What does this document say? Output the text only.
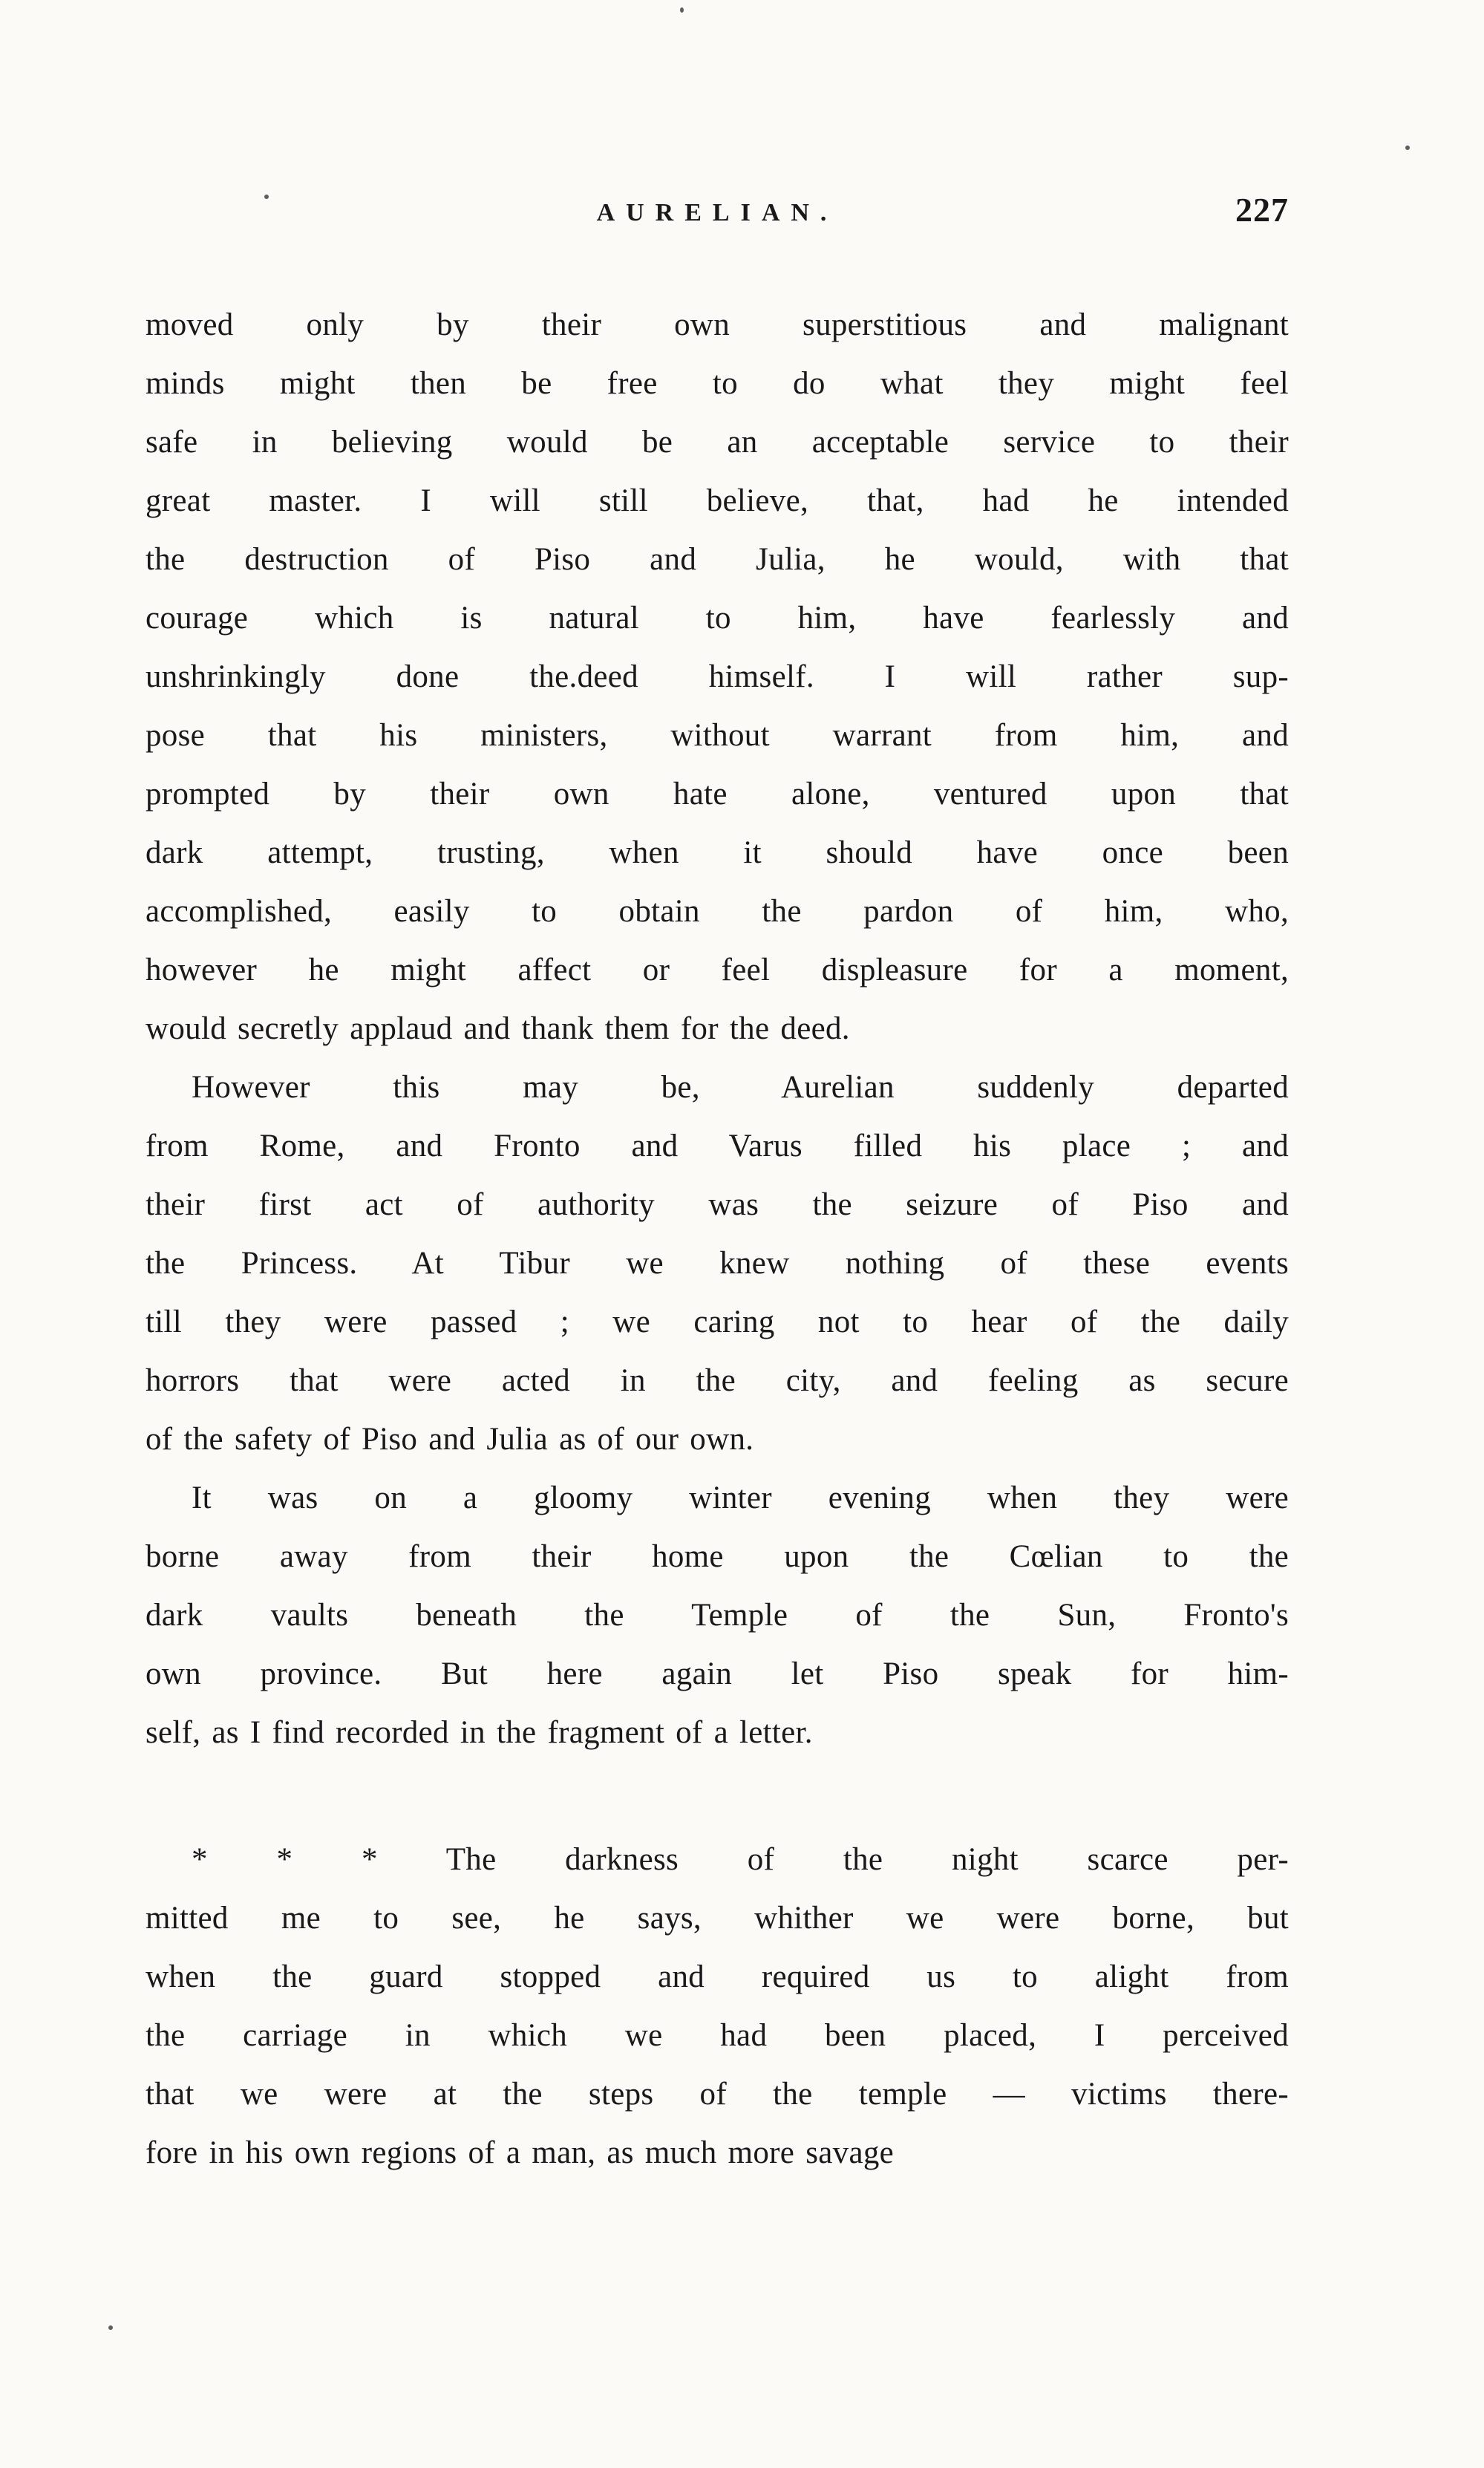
AURELIAN.	227
moved only by their own superstitious and malignant
minds might then be free to do what they might feel
safe in believing would be an acceptable service to their
great master. I will still believe, that, had he intended
the destruction of Piso and Julia, he would, with that
courage which is natural to him, have fearlessly and
unshrinkingly done the.deed himself. I will rather sup-
pose that his ministers, without warrant from him, and
prompted by their own hate alone, ventured upon that
dark attempt, trusting, when it should have once been
accomplished, easily to obtain the pardon of him, who,
however he might affect or feel displeasure for a moment,
would secretly applaud and thank them for the deed.
However this may be, Aurelian suddenly departed
from Rome, and Fronto and Varus filled his place ; and
their first act of authority was the seizure of Piso and
the Princess. At Tibur we knew nothing of these events
till they were passed ; we caring not to hear of the daily
horrors that were acted in the city, and feeling as secure
of the safety of Piso and Julia as of our own.
It was on a gloomy winter evening when they were
borne away from their home upon the Cœlian to the
dark vaults beneath the Temple of the Sun, Fronto's
own province. But here again let Piso speak for him-
self, as I find recorded in the fragment of a letter.
* * * The darkness of the night scarce per-
mitted me to see, he says, whither we were borne, but
when the guard stopped and required us to alight from
the carriage in which we had been placed, I perceived
that we were at the steps of the temple — victims there-
fore in his own regions of a man, as much more savage
